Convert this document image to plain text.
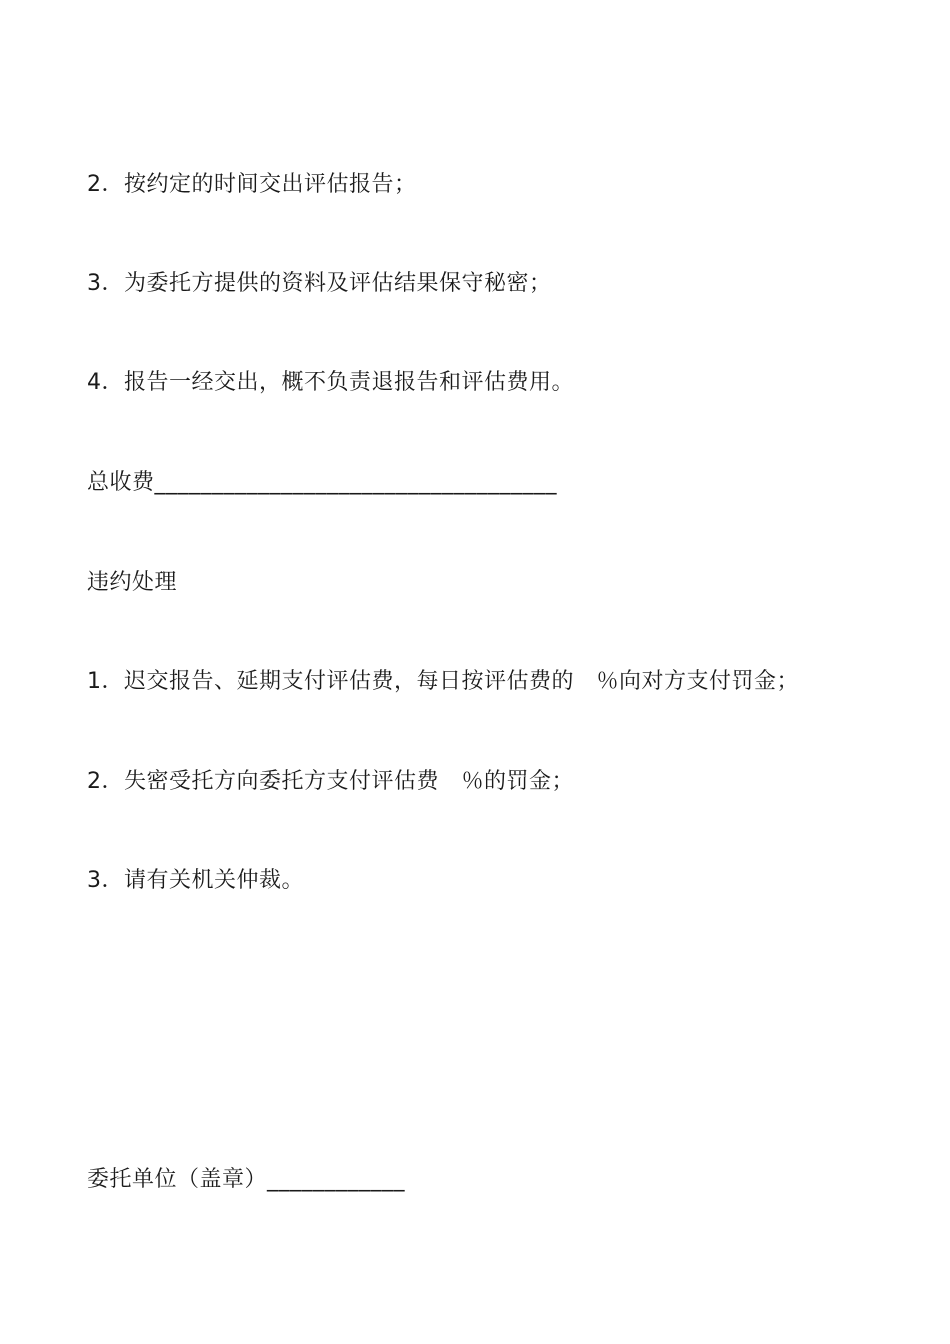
2．按约定的时间交出评估报告；
3．为委托方提供的资料及评估结果保守秘密；
4．报告一经交出，概不负责退报告和评估费用。
总收费___________________________________
违约处理
1．迟交报告、延期支付评估费，每日按评估费的　％向对方支付罚金；
2．失密受托方向委托方支付评估费　％的罚金；
3．请有关机关仲裁。
委托单位（盖章）____________
